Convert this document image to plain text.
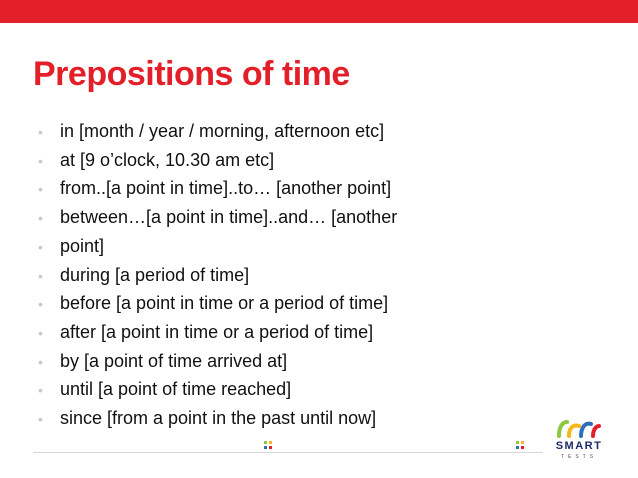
Prepositions of time
• in [month / year / morning, afternoon etc]
• at [9 o’clock, 10.30 am etc]
• from..[a point in time]..to… [another point]
• between…[a point in time]..and… [another
• point]
• during [a period of time]
• before [a point in time or a period of time]
• after [a point in time or a period of time]
• by [a point of time arrived at]
• until [a point of time reached]
• since [from a point in the past until now]
SMART
TESTS
